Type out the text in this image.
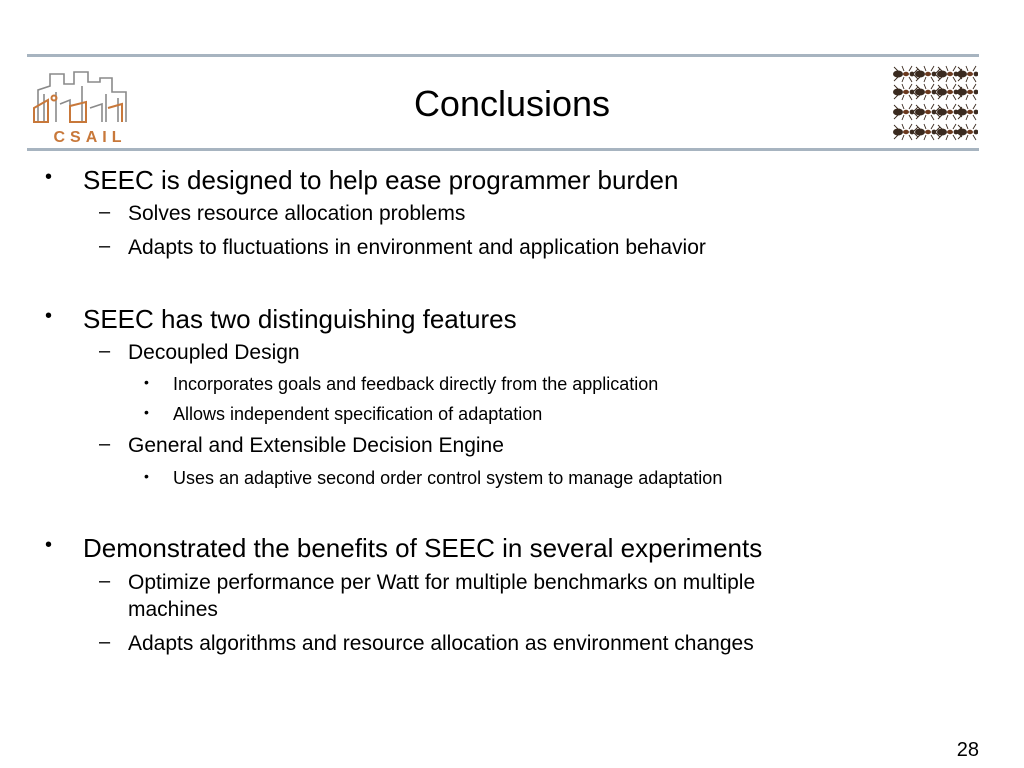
CSAIL
Conclusions
• SEEC is designed to help ease programmer burden
– Solves resource allocation problems
– Adapts to fluctuations in environment and application behavior
• SEEC has two distinguishing features
– Decoupled Design
• Incorporates goals and feedback directly from the application
• Allows independent specification of adaptation
– General and Extensible Decision Engine
• Uses an adaptive second order control system to manage adaptation
• Demonstrated the benefits of SEEC in several experiments
– Optimize performance per Watt for multiple benchmarks on multiple
machines
– Adapts algorithms and resource allocation as environment changes
28
